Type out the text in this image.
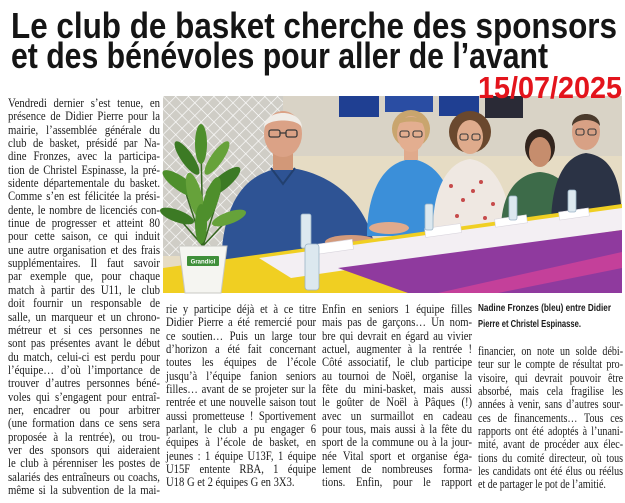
Le club de basket cherche des sponsors
et des bénévoles pour aller de l’avant
Grandiol
15/07/2025
Vendredi dernier s’est tenue, en
présence de Didier Pierre pour la
mairie, l’assemblée générale du
club de basket, présidé par Na-
dine Fronzes, avec la participa-
tion de Christel Espinasse, la pré-
sidente départementale du basket.
Comme s’en est félicitée la prési-
dente, le nombre de licenciés con-
tinue de progresser et atteint 80
pour cette saison, ce qui induit
une autre organisation et des frais
supplémentaires. Il faut savoir
par exemple que, pour chaque
match à partir des U11, le club
doit fournir un responsable de
salle, un marqueur et un chrono-
métreur et si ces personnes ne
sont pas présentes avant le début
du match, celui-ci est perdu pour
l’équipe… d’où l’importance de
trouver d’autres personnes béné-
voles qui s’engagent pour entraî-
ner, encadrer ou pour arbitrer
(une formation dans ce sens sera
proposée à la rentrée), ou trou-
ver des sponsors qui aideraient
le club à pérenniser les postes de
salariés des entraîneurs ou coachs,
même si la subvention de la mai-
rie y participe déjà et à ce titre
Didier Pierre a été remercié pour
ce soutien… Puis un large tour
d’horizon a été fait concernant
toutes les équipes de l’école
jusqu’à l’équipe fanion seniors
filles… avant de se projeter sur la
rentrée et une nouvelle saison tout
aussi prometteuse ! Sportivement
parlant, le club a pu engager 6
équipes à l’école de basket, en
jeunes : 1 équipe U13F, 1 équipe
U15F entente RBA, 1 équipe
U18 G et 2 équipes G en 3X3.
Enfin en seniors 1 équipe filles
mais pas de garçons… Un nom-
bre qui devrait en égard au vivier
actuel, augmenter à la rentrée !
Côté associatif, le club participe
au tournoi de Noël, organise la
fête du mini-basket, mais aussi
le goûter de Noël à Pâques (!)
avec un surmaillot en cadeau
pour tous, mais aussi à la fête du
sport de la commune ou à la jour-
née Vital sport et organise éga-
lement de nombreuses forma-
tions. Enfin, pour le rapport
Nadine Fronzes (bleu) entre Didier
Pierre et Christel Espinasse.
financier, on note un solde débi-
teur sur le compte de résultat pro-
visoire, qui devrait pouvoir être
absorbé, mais cela fragilise les
années à venir, sans d’autres sour-
ces de financements… Tous ces
rapports ont été adoptés à l’unani-
mité, avant de procéder aux élec-
tions du comité directeur, où tous
les candidats ont été élus ou réélus
et de partager le pot de l’amitié.
